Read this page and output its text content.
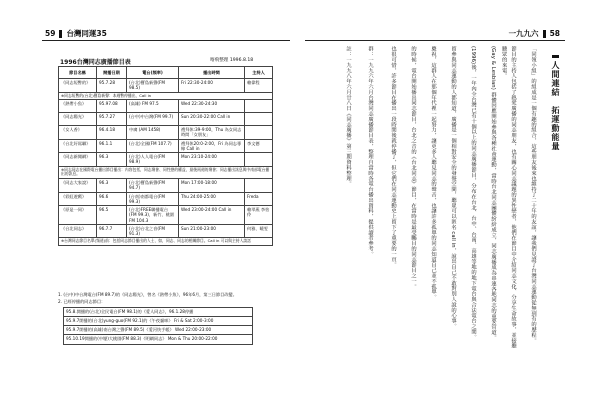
59 台灣同運35	一九九六 58
1996台灣同志廣播節目表	喀飛整理 1996.8.18
節目名稱	開播日期	電台(頻率)	播出時間	主持人
《同志短暫的》	95.7.28	(台北)寶島新聲(FM 98.5)	Fri 22:30-24:00	賴偉程
※同志短暫的(台北)寶島新聲：本週暫停播出，Call in				
《熱帶小魚》	95.97.08	(高雄) FM 97.5	Wed 22:30-24:30	
《同志陽光》	95.7.27	(台中)中台灣(FM 99.7)	Sun 20:30-22:00 Call in	
《女人香》	96.4.18	中廣 (AM 1458)	禮拜休:39-9:00，Thu 為女同志時間「女朋友」	
《台北好屌聯》	96.1.1	(台北)全國(FM 107.7)	禮拜休20:0-2:00，Fri 為同志專線 Call in	李文德
《同志新聞網》	96.3	(台北)人人電台(FM 98.9)	Mon 23:10-24:00	
※同志同志在國際電台播出節目播出：內容包括，同志聚會、同性戀的權益，最後兩週的聚會；同志播出訊息與中南部電台播出的訊息。				
《同志大家說》	96.3	(台北)寶島新聲(FM 94.7)	Mon 17:00-18:00	
《彩虹遊戲》	96.6	(台南)南都電台(FM 99.3)	Thu 24:00-25:00	Freda
《原是一同》	96.5	(台北)FREE聯播電台 (FM 99.3)，新竹、桃園 FM 104.3	Wed 23:00-24:00 Call in	賴翠燕 李怡伶
《台北同志》	96.7.7	(台北)台北之音(FM 91.3)	Sun 21:00-23:00	何雅、曉雯
※台灣同志節目名單(頻道)前：包括同志節目播出的人士，如，同志、同志的相關節目。Call in 可以與主持人談話				

1. (台中)中台灣電台(FM 89.7)的《同志陽光》，曾名《熱帶小魚》，96年6月，第三日節目改變。

2. 已經停播的同志節目：

95.8.開播的(台北)全民電台(FM 98.1)的《愛人同志》，96.1.28停播
95.9.7開播的(台北)yung-guo(FM 92.1)的《午夜貓咪》 Fri & Sat 2:00-3:00
95.9.7開播的(高雄)南台灣之聲(FM 89.5)《愛河快手帳》 Wed 22:00-23:00
95.10.19開播的(中壢)大桃園(FM 88.3)《明網同志》 Mon & Thu 20:00-22:00
人間連結　拓運動能量
「同領小組」的組成是一個有趣的組合，這些朋友後來也維持了二十年的友誼，讓我們見證了台灣同志運動從無到有的歷程。
節目的主持人包括了熱愛廣播的同志朋友，也有關心同志議題的異性戀者，他們在節目中介紹同志文化、分享生命故事，並接聽聽眾的來電。
(Gay & Lesbian) 群體因應開始參與各種社會運動，當時台北同志團體紛紛成立，同志廣播成為串連各地同志的重要管道。
(1996)後，一年內全台灣已有十個以上的同志廣播節目，分布在台北、台中、台南、高雄等地的地下電台與合法電台之間。
留參與同志運動的人都知道，廣播是一個相對安全的發聲空間，聽眾可以匿名 call in，說出自己不敢對別人說的心事。
慶祝，這群人在那個年代裡一起努力，讓更多人聽見同志的聲音，也讓許多孤單的同志知道自己並不孤單。
的時候，電台開始播出同志節目，台北之音的《台北同志》節目，在當時是最受矚目的同志節目之一。
也很可惜，許多節目在播出一段時間後就停播了，但它們在同志運動史上留下了重要的一頁。
群：一九九六年六月台灣同志廣播節目表，整理自當時各電台播出資料，提供讀者參考。
註：一九九八年六月廿八日《同志廣播》第三期資料整理。
